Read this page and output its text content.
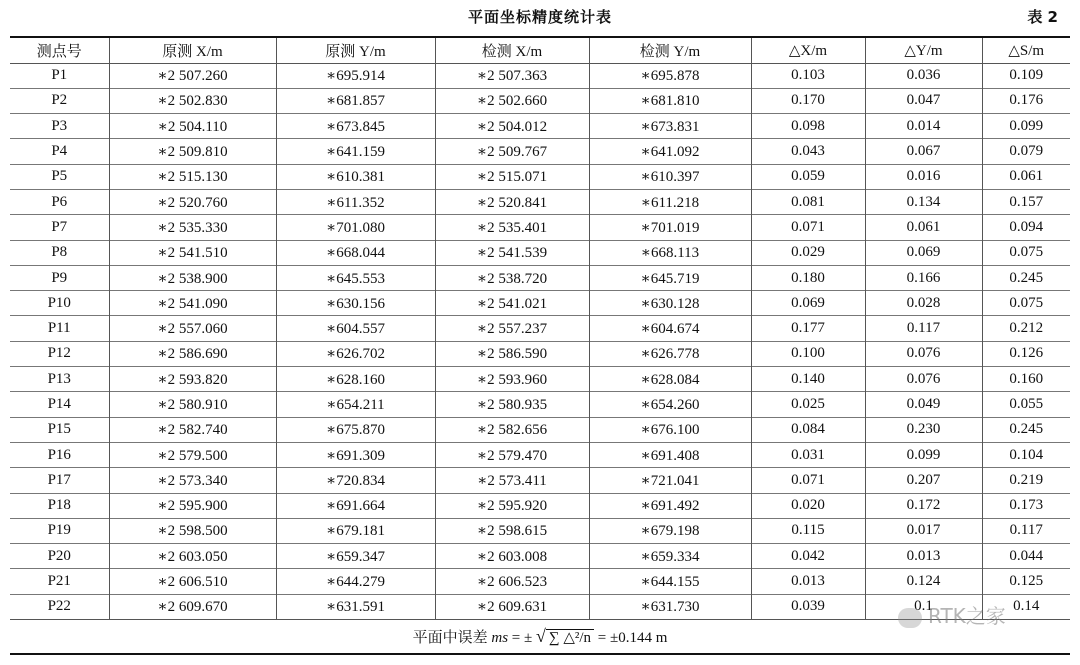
平面坐标精度统计表	表 2
测点号	原测 X/m	原测 Y/m	检测 X/m	检测 Y/m	△X/m	△Y/m	△S/m
P1	∗2 507.260	∗695.914	∗2 507.363	∗695.878	0.103	0.036	0.109
P2	∗2 502.830	∗681.857	∗2 502.660	∗681.810	0.170	0.047	0.176
P3	∗2 504.110	∗673.845	∗2 504.012	∗673.831	0.098	0.014	0.099
P4	∗2 509.810	∗641.159	∗2 509.767	∗641.092	0.043	0.067	0.079
P5	∗2 515.130	∗610.381	∗2 515.071	∗610.397	0.059	0.016	0.061
P6	∗2 520.760	∗611.352	∗2 520.841	∗611.218	0.081	0.134	0.157
P7	∗2 535.330	∗701.080	∗2 535.401	∗701.019	0.071	0.061	0.094
P8	∗2 541.510	∗668.044	∗2 541.539	∗668.113	0.029	0.069	0.075
P9	∗2 538.900	∗645.553	∗2 538.720	∗645.719	0.180	0.166	0.245
P10	∗2 541.090	∗630.156	∗2 541.021	∗630.128	0.069	0.028	0.075
P11	∗2 557.060	∗604.557	∗2 557.237	∗604.674	0.177	0.117	0.212
P12	∗2 586.690	∗626.702	∗2 586.590	∗626.778	0.100	0.076	0.126
P13	∗2 593.820	∗628.160	∗2 593.960	∗628.084	0.140	0.076	0.160
P14	∗2 580.910	∗654.211	∗2 580.935	∗654.260	0.025	0.049	0.055
P15	∗2 582.740	∗675.870	∗2 582.656	∗676.100	0.084	0.230	0.245
P16	∗2 579.500	∗691.309	∗2 579.470	∗691.408	0.031	0.099	0.104
P17	∗2 573.340	∗720.834	∗2 573.411	∗721.041	0.071	0.207	0.219
P18	∗2 595.900	∗691.664	∗2 595.920	∗691.492	0.020	0.172	0.173
P19	∗2 598.500	∗679.181	∗2 598.615	∗679.198	0.115	0.017	0.117
P20	∗2 603.050	∗659.347	∗2 603.008	∗659.334	0.042	0.013	0.044
P21	∗2 606.510	∗644.279	∗2 606.523	∗644.155	0.013	0.124	0.125
P22	∗2 609.670	∗631.591	∗2 609.631	∗631.730	0.039	0.1	0.14
平面中误差 ms = ± √ ∑ △²/n = ±0.144 m							
RTK之家
